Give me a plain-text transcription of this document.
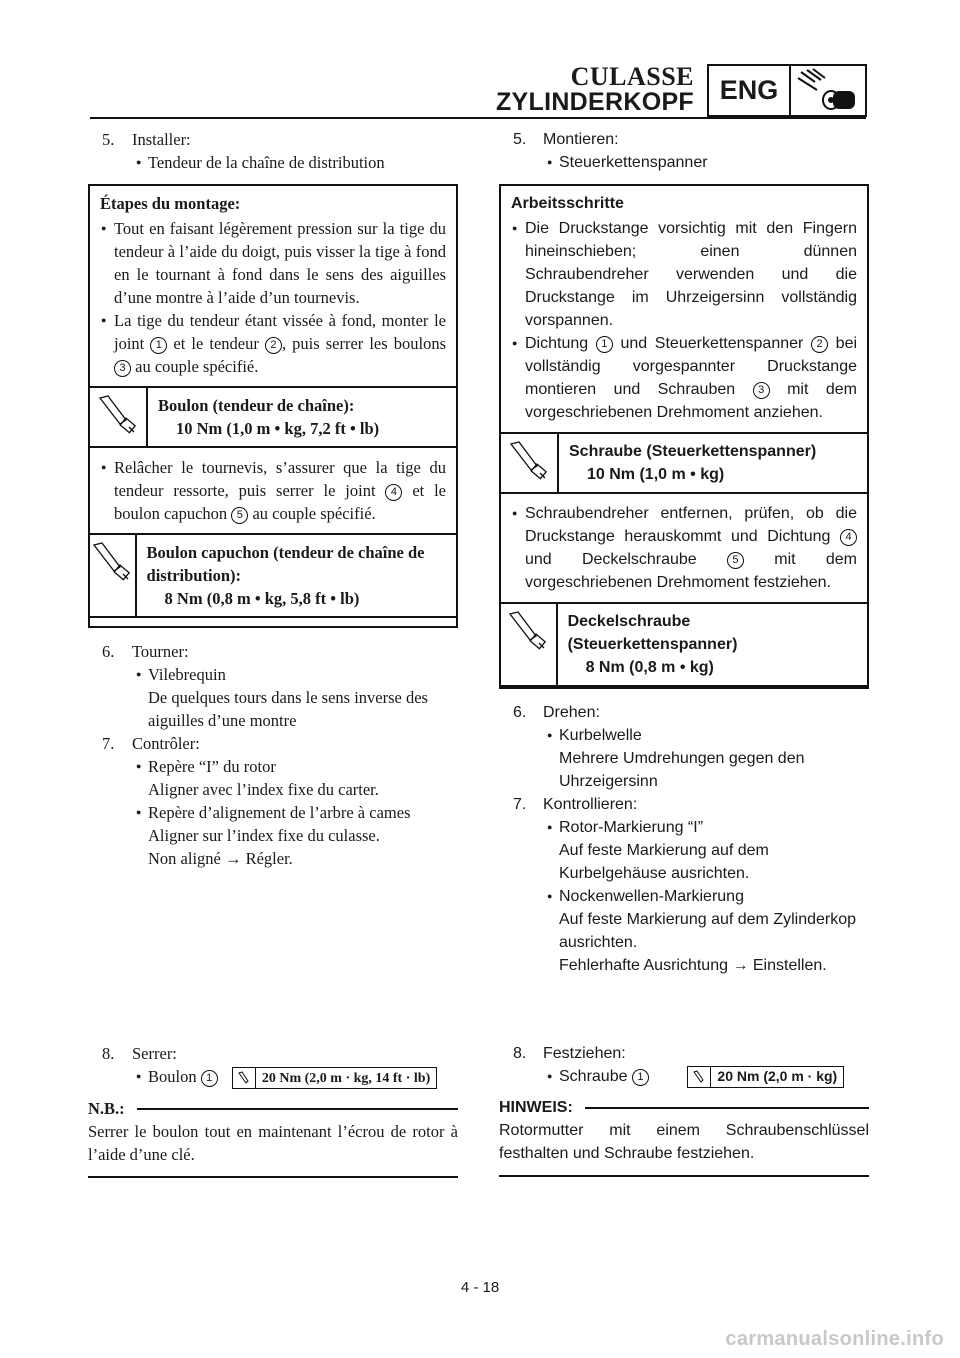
CULASSE
ZYLINDERKOPF ENG
5. Installer:
● Tendeur de la chaîne de distribution
Étapes du montage:
● Tout en faisant légèrement pression sur la tige du tendeur à l’aide du doigt, puis visser la tige à fond en le tournant à fond dans le sens des aiguilles d’une montre à l’aide d’un tournevis.
● La tige du tendeur étant vissée à fond, monter le joint 1 et le tendeur 2 , puis serrer les boulons 3 au couple spécifié.
Boulon (tendeur de chaîne):
10 Nm (1,0 m • kg, 7,2 ft • lb)
● Relâcher le tournevis, s’assurer que la tige du tendeur ressorte, puis serrer le joint 4 et le boulon capuchon 5 au couple spécifié.
Boulon capuchon (tendeur de chaîne de distribution):
8 Nm (0,8 m • kg, 5,8 ft • lb)
6. Tourner:
● Vilebrequin
De quelques tours dans le sens inverse des aiguilles d’une montre
7. Contrôler:
● Repère “I” du rotor
Aligner avec l’index fixe du carter.
● Repère d’alignement de l’arbre à cames
Aligner sur l’index fixe du culasse.
Non aligné → Régler.
8. Serrer:
● Boulon 1	20 Nm (2,0 m · kg, 14 ft · lb)
N.B.:
Serrer le boulon tout en maintenant l’écrou de rotor à l’aide d’une clé.
5. Montieren:
● Steuerkettenspanner
Arbeitsschritte
● Die Druckstange vorsichtig mit den Fingern hineinschieben; einen dünnen Schraubendreher verwenden und die Druckstange im Uhrzeigersinn vollständig vorspannen.
● Dichtung 1 und Steuerkettenspanner 2 bei vollständig vorgespannter Druckstange montieren und Schrauben 3 mit dem vorgeschriebenen Drehmoment anziehen.
Schraube (Steuerkettenspanner)
10 Nm (1,0 m • kg)
● Schraubendreher entfernen, prüfen, ob die Druckstange herauskommt und Dichtung 4 und Deckelschraube	5 mit dem vorgeschriebenen Drehmoment festziehen.
Deckelschraube (Steuerkettenspanner)
8 Nm (0,8 m • kg)
6. Drehen:
● Kurbelwelle
Mehrere Umdrehungen gegen den Uhrzeigersinn
7. Kontrollieren:
● Rotor-Markierung “I”
Auf feste Markierung auf dem Kurbelgehäuse ausrichten.
● Nockenwellen-Markierung
Auf feste Markierung auf dem Zylinderkop ausrichten.
Fehlerhafte Ausrichtung → Einstellen.
8. Festziehen:
● Schraube 1	20 Nm (2,0 m · kg)
HINWEIS:
Rotormutter mit einem Schraubenschlüssel festhalten und Schraube festziehen.
4 - 18
carmanualsonline.info
